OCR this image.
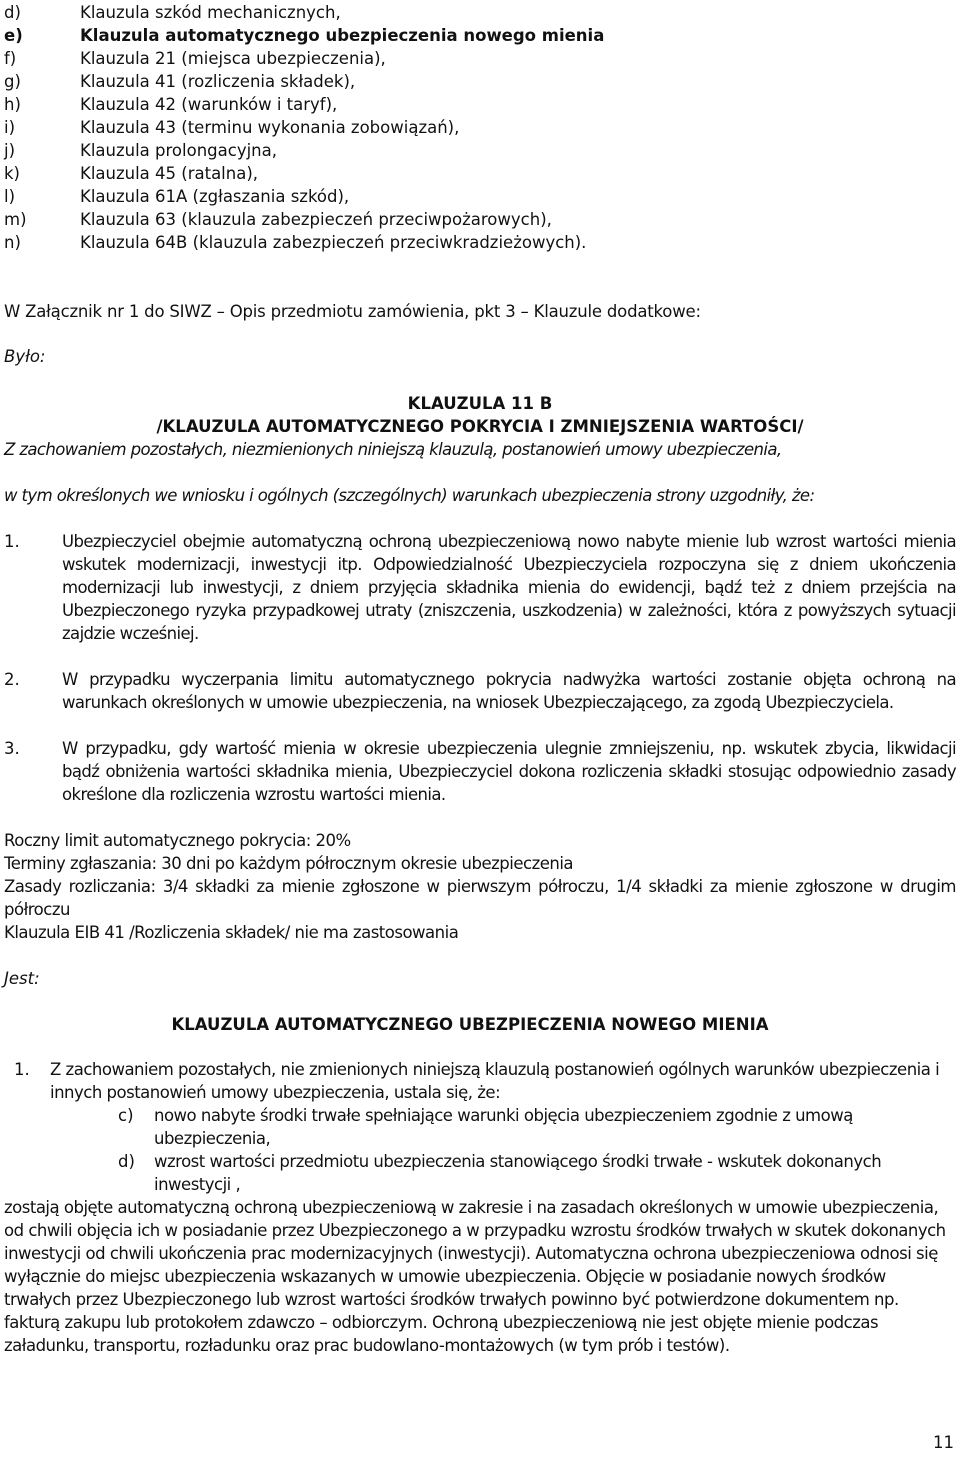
d)	Klauzula szkód mechanicznych,
e)	Klauzula automatycznego ubezpieczenia nowego mienia
f)	Klauzula 21 (miejsca ubezpieczenia),
g)	Klauzula 41 (rozliczenia składek),
h)	Klauzula 42 (warunków i taryf),
i)	Klauzula 43 (terminu wykonania zobowiązań),
j)	Klauzula prolongacyjna,
k)	Klauzula 45 (ratalna),
l)	Klauzula 61A (zgłaszania szkód),
m)	Klauzula 63 (klauzula zabezpieczeń przeciwpożarowych),
n)	Klauzula 64B (klauzula zabezpieczeń przeciwkradzieżowych).
W Załącznik nr 1 do SIWZ – Opis przedmiotu zamówienia, pkt 3 – Klauzule dodatkowe:
Było:
KLAUZULA 11 B
/KLAUZULA AUTOMATYCZNEGO POKRYCIA I ZMNIEJSZENIA WARTOŚCI/
Z zachowaniem pozostałych, niezmienionych niniejszą klauzulą, postanowień umowy ubezpieczenia,
w tym określonych we wniosku i ogólnych (szczególnych) warunkach ubezpieczenia strony uzgodniły, że:
1.	Ubezpieczyciel obejmie automatyczną ochroną ubezpieczeniową nowo nabyte mienie lub wzrost wartości mienia wskutek modernizacji, inwestycji itp. Odpowiedzialność Ubezpieczyciela rozpoczyna się z dniem ukończenia modernizacji lub inwestycji, z dniem przyjęcia składnika mienia do ewidencji, bądź też z dniem przejścia na Ubezpieczonego ryzyka przypadkowej utraty (zniszczenia, uszkodzenia) w zależności, która z powyższych sytuacji zajdzie wcześniej.
2.	W przypadku wyczerpania limitu automatycznego pokrycia nadwyżka wartości zostanie objęta ochroną na warunkach określonych w umowie ubezpieczenia, na wniosek Ubezpieczającego, za zgodą Ubezpieczyciela.
3.	W przypadku, gdy wartość mienia w okresie ubezpieczenia ulegnie zmniejszeniu, np. wskutek zbycia, likwidacji bądź obniżenia wartości składnika mienia, Ubezpieczyciel dokona rozliczenia składki stosując odpowiednio zasady określone dla rozliczenia wzrostu wartości mienia.
Roczny limit automatycznego pokrycia: 20%
Terminy zgłaszania: 30 dni po każdym półrocznym okresie ubezpieczenia
Zasady rozliczania: 3/4 składki za mienie zgłoszone w pierwszym półroczu, 1/4 składki za mienie zgłoszone w drugim półroczu
Klauzula EIB 41 /Rozliczenia składek/ nie ma zastosowania
Jest:
KLAUZULA AUTOMATYCZNEGO UBEZPIECZENIA NOWEGO MIENIA
1. Z zachowaniem pozostałych, nie zmienionych niniejszą klauzulą postanowień ogólnych warunków ubezpieczenia i innych postanowień umowy ubezpieczenia, ustala się, że:
c) nowo nabyte środki trwałe spełniające warunki objęcia ubezpieczeniem zgodnie z umową ubezpieczenia,
d) wzrost wartości przedmiotu ubezpieczenia stanowiącego środki trwałe - wskutek dokonanych inwestycji ,
zostają objęte automatyczną ochroną ubezpieczeniową w zakresie i na zasadach określonych w umowie ubezpieczenia, od chwili objęcia ich w posiadanie przez Ubezpieczonego a w przypadku wzrostu środków trwałych w skutek dokonanych inwestycji od chwili ukończenia prac modernizacyjnych (inwestycji). Automatyczna ochrona ubezpieczeniowa odnosi się wyłącznie do miejsc ubezpieczenia wskazanych w umowie ubezpieczenia. Objęcie w posiadanie nowych środków trwałych przez Ubezpieczonego lub wzrost wartości środków trwałych powinno być potwierdzone dokumentem np. fakturą zakupu lub protokołem zdawczo – odbiorczym. Ochroną ubezpieczeniową nie jest objęte mienie podczas załadunku, transportu, rozładunku oraz prac budowlano-montażowych (w tym prób i testów).
11
